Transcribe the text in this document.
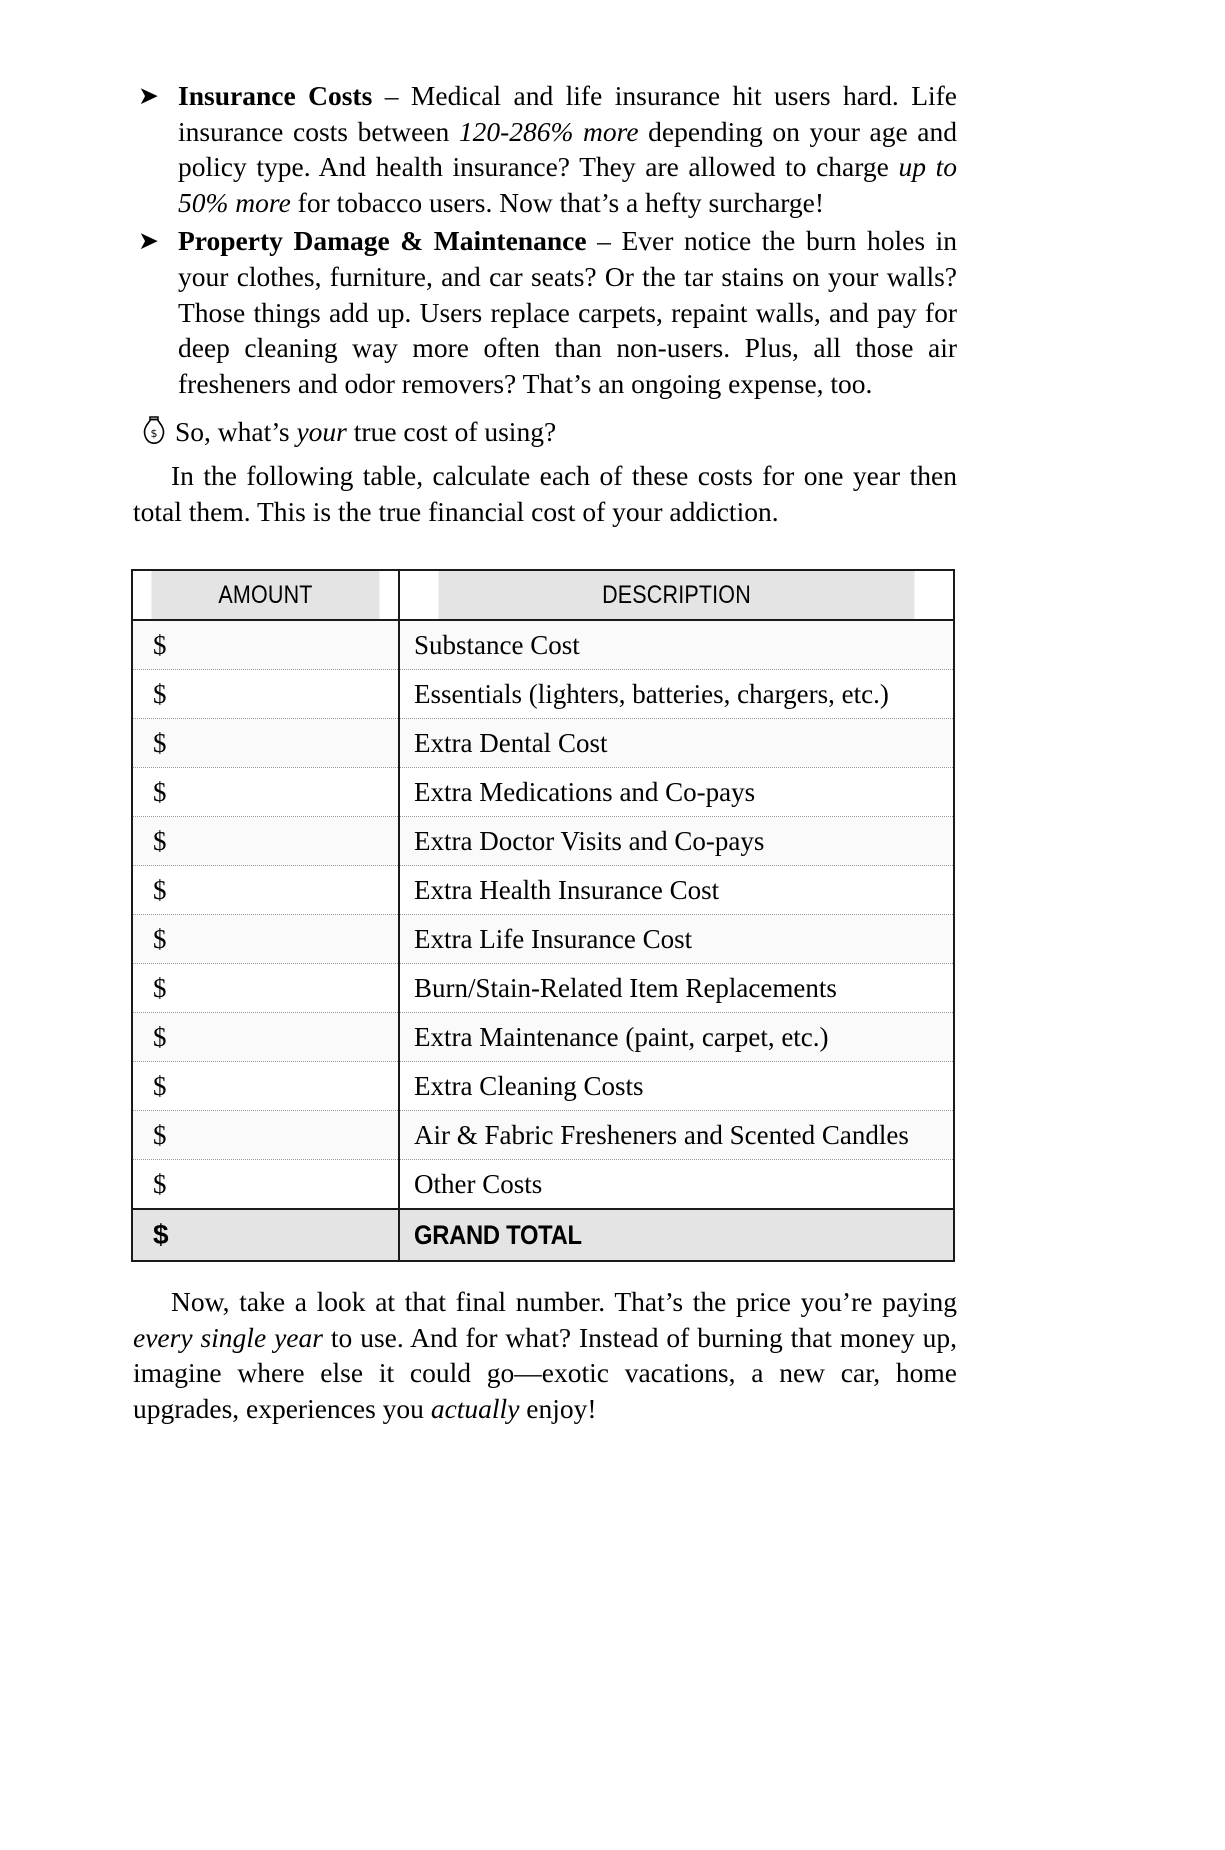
➤ Insurance Costs – Medical and life insurance hit users hard. Life insurance costs between 120-286% more depending on your age and policy type. And health insurance? They are allowed to charge up to 50% more for tobacco users. Now that’s a hefty surcharge!
➤ Property Damage & Maintenance – Ever notice the burn holes in your clothes, furniture, and car seats? Or the tar stains on your walls? Those things add up. Users replace carpets, repaint walls, and pay for deep cleaning way more often than non-users. Plus, all those air fresheners and odor removers? That’s an ongoing expense, too.
$ So, what’s your true cost of using?

In the following table, calculate each of these costs for one year then total them. This is the true financial cost of your addiction.

AMOUNT	DESCRIPTION
$	Substance Cost
$	Essentials (lighters, batteries, chargers, etc.)
$	Extra Dental Cost
$	Extra Medications and Co-pays
$	Extra Doctor Visits and Co-pays
$	Extra Health Insurance Cost
$	Extra Life Insurance Cost
$	Burn/Stain-Related Item Replacements
$	Extra Maintenance (paint, carpet, etc.)
$	Extra Cleaning Costs
$	Air & Fabric Fresheners and Scented Candles
$	Other Costs
$	GRAND TOTAL

Now, take a look at that final number. That’s the price you’re paying every single year to use. And for what? Instead of burning that money up, imagine where else it could go—exotic vacations, a new car, home upgrades, experiences you actually enjoy!
